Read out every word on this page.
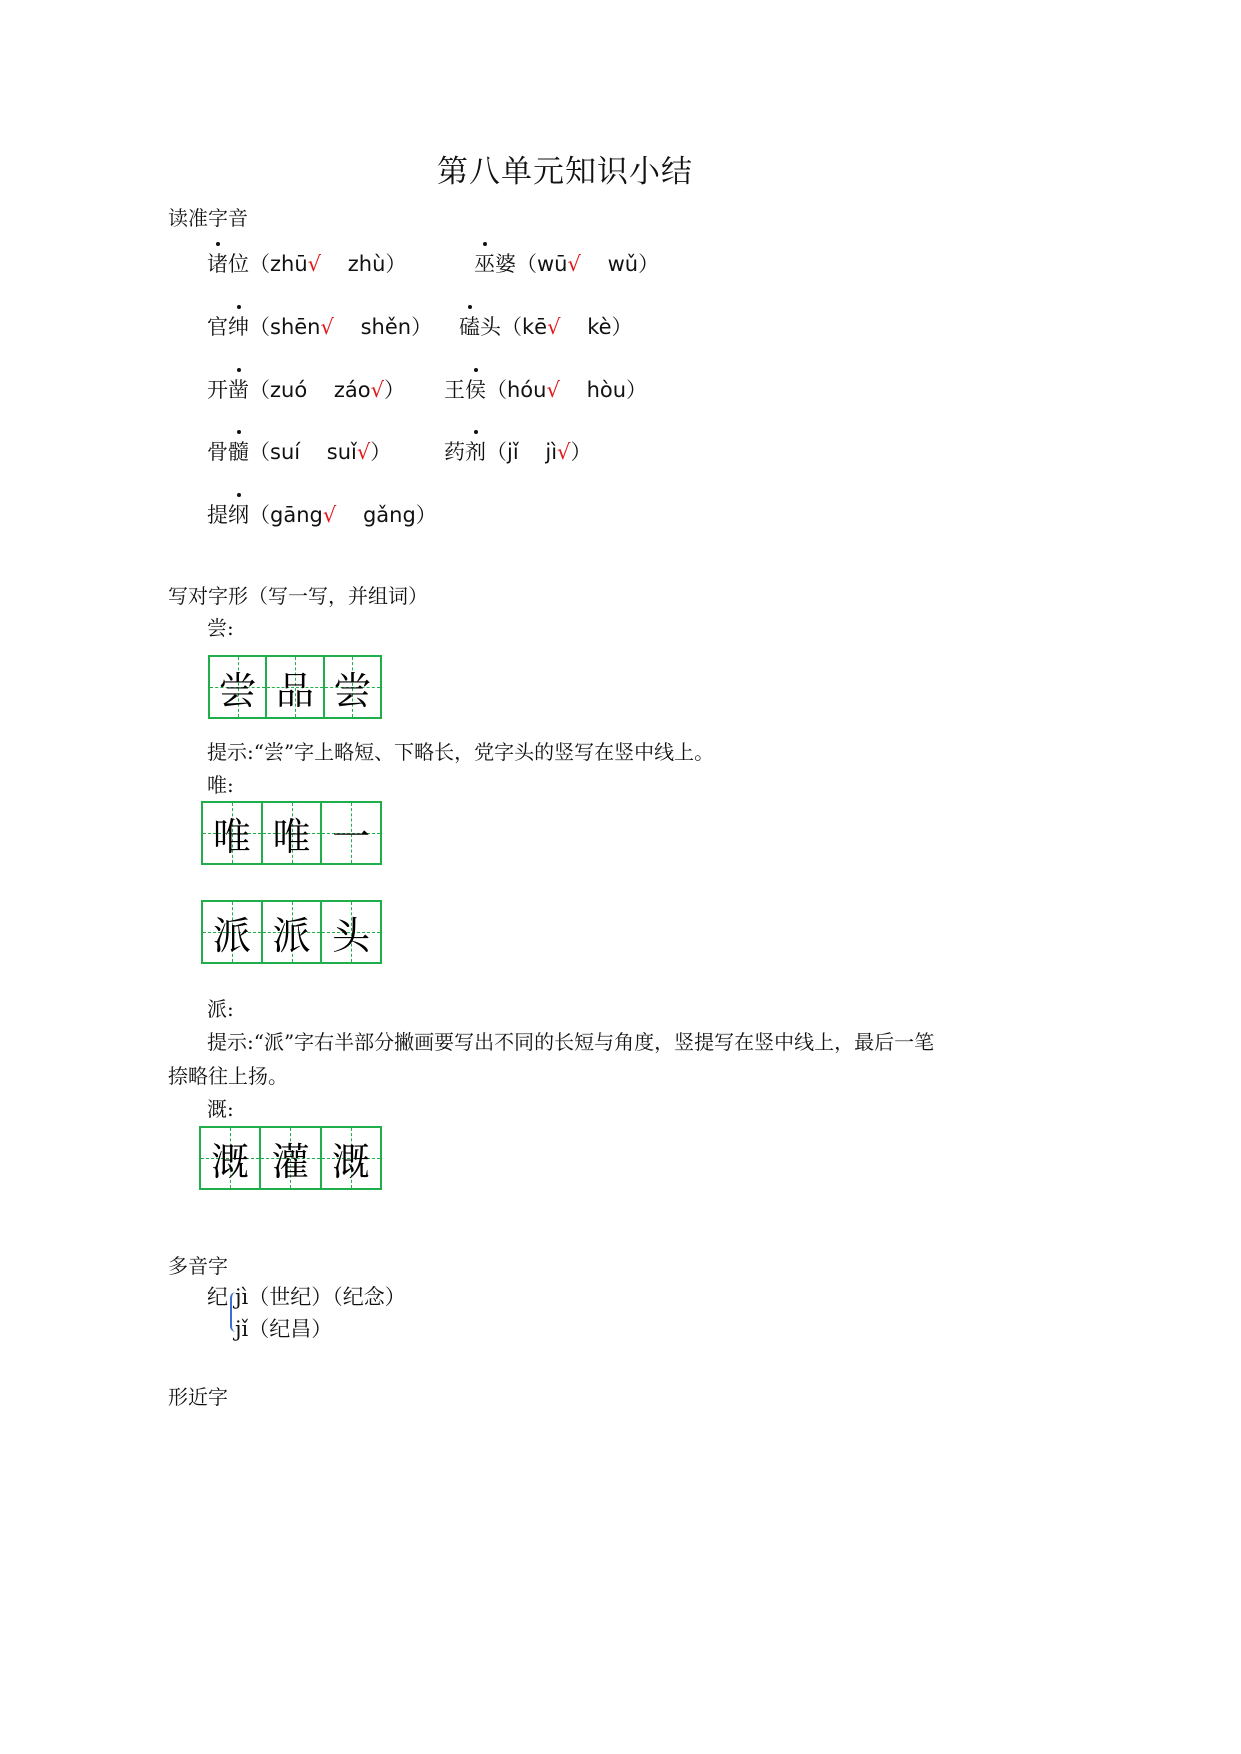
第八单元知识小结
读准字音
诸位（zhū√ zhù）	巫婆（wū√ wǔ）
官绅（shēn√ shěn） 磕头（kē√ kè）
开凿（zuó záo√） 王侯（hóu√ hòu）
骨髓（suí suǐ√）	药剂（jǐ jì√）
提纲（gāng√ gǎng）
写对字形（写一写，并组词）
尝:
尝 品 尝
提示:“尝”字上略短、下略长，党字头的竖写在竖中线上。
唯:
唯 唯 一
派 派 头
派:
提示:“派”字右半部分撇画要写出不同的长短与角度，竖提写在竖中线上，最后一笔
捺略往上扬。
溉:
溉 灌 溉
多音字
纪 jì（世纪）（纪念）
jǐ（纪昌）
形近字
